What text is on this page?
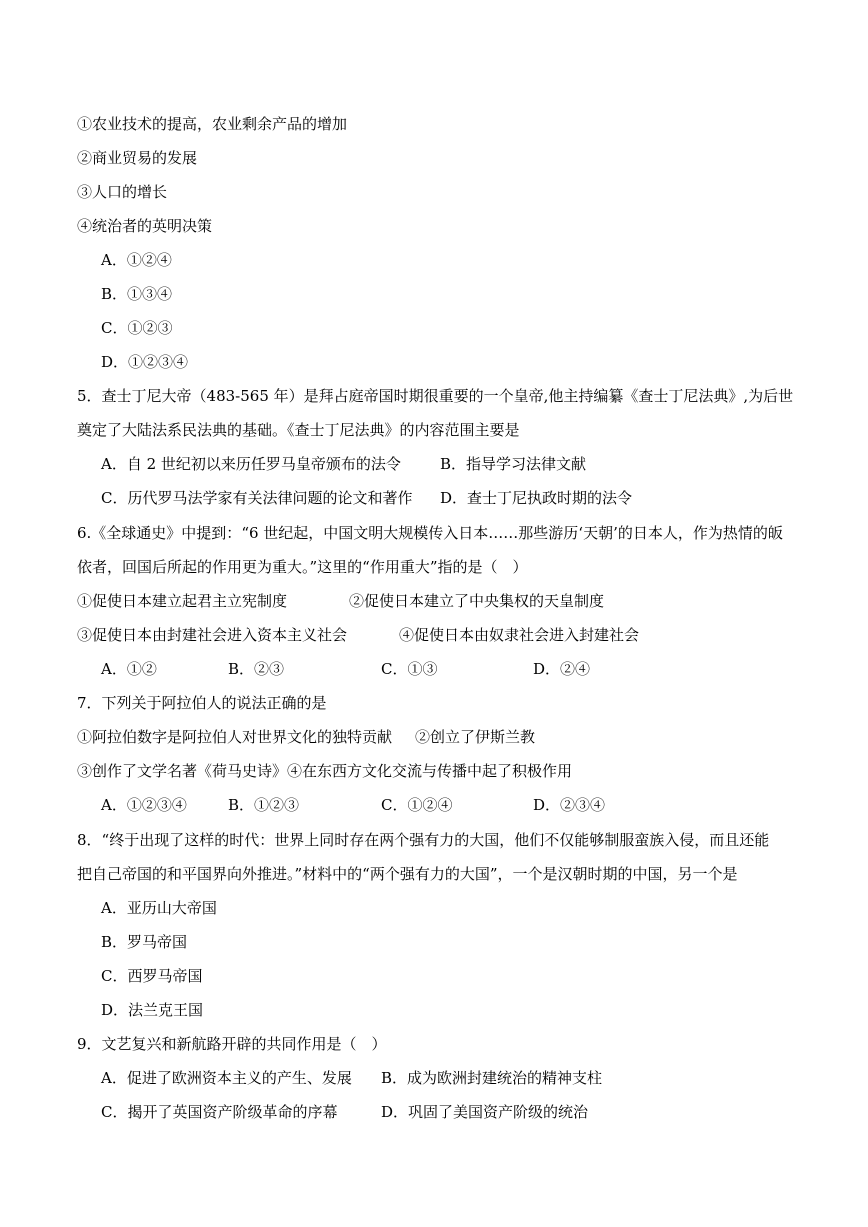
①农业技术的提高，农业剩余产品的增加
②商业贸易的发展
③人口的增长
④统治者的英明决策
A．①②④
B．①③④
C．①②③
D．①②③④
5．查士丁尼大帝（483-565 年）是拜占庭帝国时期很重要的一个皇帝,他主持编纂《查士丁尼法典》,为后世
奠定了大陆法系民法典的基础。《查士丁尼法典》的内容范围主要是
A．自 2 世纪初以来历任罗马皇帝颁布的法令	B．指导学习法律文献
C．历代罗马法学家有关法律问题的论文和著作 D．查士丁尼执政时期的法令
6.《全球通史》中提到：“6 世纪起，中国文明大规模传入日本……那些游历‘天朝’的日本人，作为热情的皈
依者，回国后所起的作用更为重大。”这里的“作用重大”指的是（　）
①促使日本建立起君主立宪制度	②促使日本建立了中央集权的天皇制度
③促使日本由封建社会进入资本主义社会	④促使日本由奴隶社会进入封建社会
A．①②	B．②③	C．①③	D．②④
7．下列关于阿拉伯人的说法正确的是
①阿拉伯数字是阿拉伯人对世界文化的独特贡献 ②创立了伊斯兰教
③创作了文学名著《荷马史诗》④在东西方文化交流与传播中起了积极作用
A．①②③④	B．①②③	C．①②④	D．②③④
8．“终于出现了这样的时代：世界上同时存在两个强有力的大国，他们不仅能够制服蛮族入侵，而且还能
把自己帝国的和平国界向外推进。”材料中的“两个强有力的大国”，一个是汉朝时期的中国，另一个是
A．亚历山大帝国
B．罗马帝国
C．西罗马帝国
D．法兰克王国
9．文艺复兴和新航路开辟的共同作用是（　）
A．促进了欧洲资本主义的产生、发展 B．成为欧洲封建统治的精神支柱
C．揭开了英国资产阶级革命的序幕	D．巩固了美国资产阶级的统治
